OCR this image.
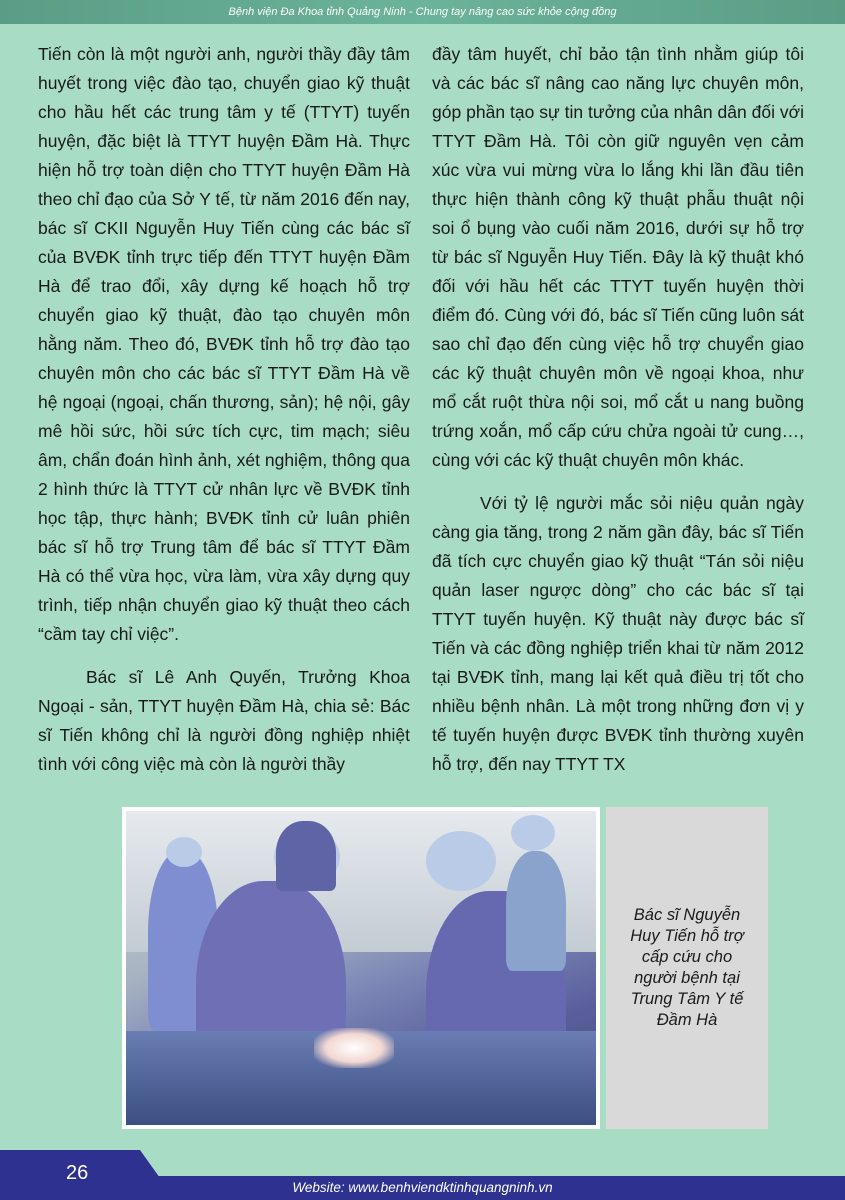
Bệnh viện Đa Khoa tỉnh Quảng Ninh - Chung tay nâng cao sức khỏe cộng đồng

Tiến còn là một người anh, người thầy đầy tâm huyết trong việc đào tạo, chuyển giao kỹ thuật cho hầu hết các trung tâm y tế (TTYT) tuyến huyện, đặc biệt là TTYT huyện Đầm Hà. Thực hiện hỗ trợ toàn diện cho TTYT huyện Đầm Hà theo chỉ đạo của Sở Y tế, từ năm 2016 đến nay, bác sĩ CKII Nguyễn Huy Tiến cùng các bác sĩ của BVĐK tỉnh trực tiếp đến TTYT huyện Đầm Hà để trao đổi, xây dựng kế hoạch hỗ trợ chuyển giao kỹ thuật, đào tạo chuyên môn hằng năm. Theo đó, BVĐK tỉnh hỗ trợ đào tạo chuyên môn cho các bác sĩ TTYT Đầm Hà về hệ ngoại (ngoại, chấn thương, sản); hệ nội, gây mê hồi sức, hồi sức tích cực, tim mạch; siêu âm, chẩn đoán hình ảnh, xét nghiệm, thông qua 2 hình thức là TTYT cử nhân lực về BVĐK tỉnh học tập, thực hành; BVĐK tỉnh cử luân phiên bác sĩ hỗ trợ Trung tâm để bác sĩ TTYT Đầm Hà có thể vừa học, vừa làm, vừa xây dựng quy trình, tiếp nhận chuyển giao kỹ thuật theo cách “cầm tay chỉ việc”.

Bác sĩ Lê Anh Quyến, Trưởng Khoa Ngoại - sản, TTYT huyện Đầm Hà, chia sẻ: Bác sĩ Tiến không chỉ là người đồng nghiệp nhiệt tình với công việc mà còn là người thầy

đầy tâm huyết, chỉ bảo tận tình nhằm giúp tôi và các bác sĩ nâng cao năng lực chuyên môn, góp phần tạo sự tin tưởng của nhân dân đối với TTYT Đầm Hà. Tôi còn giữ nguyên vẹn cảm xúc vừa vui mừng vừa lo lắng khi lần đầu tiên thực hiện thành công kỹ thuật phẫu thuật nội soi ổ bụng vào cuối năm 2016, dưới sự hỗ trợ từ bác sĩ Nguyễn Huy Tiến. Đây là kỹ thuật khó đối với hầu hết các TTYT tuyến huyện thời điểm đó. Cùng với đó, bác sĩ Tiến cũng luôn sát sao chỉ đạo đến cùng việc hỗ trợ chuyển giao các kỹ thuật chuyên môn về ngoại khoa, như mổ cắt ruột thừa nội soi, mổ cắt u nang buồng trứng xoắn, mổ cấp cứu chửa ngoài tử cung…, cùng với các kỹ thuật chuyên môn khác.

Với tỷ lệ người mắc sỏi niệu quản ngày càng gia tăng, trong 2 năm gần đây, bác sĩ Tiến đã tích cực chuyển giao kỹ thuật “Tán sỏi niệu quản laser ngược dòng” cho các bác sĩ tại TTYT tuyến huyện. Kỹ thuật này được bác sĩ Tiến và các đồng nghiệp triển khai từ năm 2012 tại BVĐK tỉnh, mang lại kết quả điều trị tốt cho nhiều bệnh nhân. Là một trong những đơn vị y tế tuyến huyện được BVĐK tỉnh thường xuyên hỗ trợ, đến nay TTYT TX

Bác sĩ Nguyễn Huy Tiến hỗ trợ cấp cứu cho người bệnh tại Trung Tâm Y tế Đầm Hà
26
Website: www.benhviendktinhquangninh.vn
